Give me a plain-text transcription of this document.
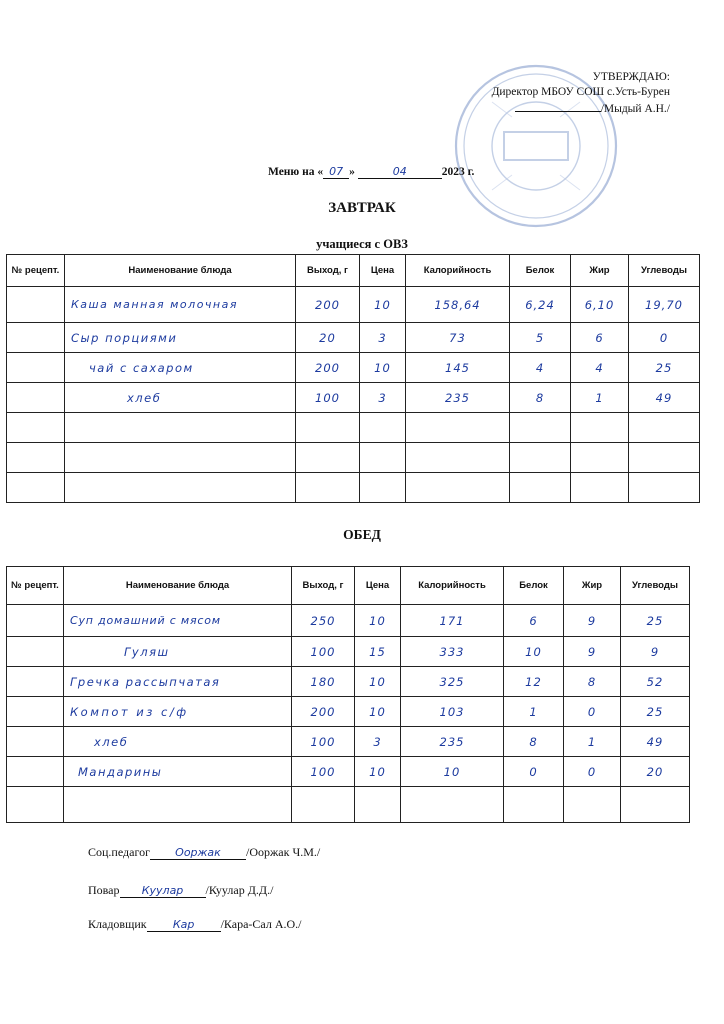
УТВЕРЖДАЮ:
Директор МБОУ СОШ с.Усть-Бурен
/Мыдый А.Н./
Меню на « 07 »	04	2023 г.
ЗАВТРАК
учащиеся с ОВЗ
№ рецепт.	Наименование блюда	Выход, г	Цена	Калорийность	Белок	Жир	Углеводы
	Каша манная молочная	200	10	158,64	6,24	6,10	19,70
	Сыр порциями	20	3	73	5	6	0
	чай с сахаром	200	10	145	4	4	25
	хлеб	100	3	235	8	1	49

ОБЕД
№ рецепт.	Наименование блюда	Выход, г	Цена	Калорийность	Белок	Жир	Углеводы
	Суп домашний с мясом	250	10	171	6	9	25
	Гуляш	100	15	333	10	9	9
	Гречка рассыпчатая	180	10	325	12	8	52
	Компот из с/ф	200	10	103	1	0	25
	хлеб	100	3	235	8	1	49
	Мандарины	100	10	10	0	0	20

Соц.педагог Ооржак /Ооржак Ч.М./
Повар Куулар /Куулар Д.Д./
Кладовщик Кар /Кара-Сал А.О./
